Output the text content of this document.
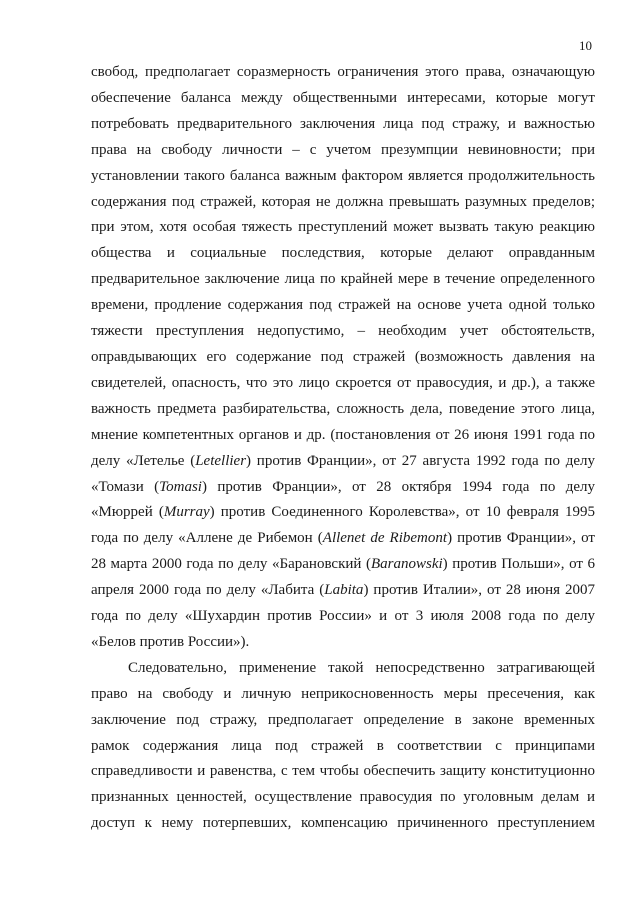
10
свобод, предполагает соразмерность ограничения этого права, означающую
обеспечение баланса между общественными интересами, которые могут
потребовать предварительного заключения лица под стражу, и важностью
права на свободу личности – с учетом презумпции невиновности; при
установлении такого баланса важным фактором является продолжительность
содержания под стражей, которая не должна превышать разумных пределов;
при этом, хотя особая тяжесть преступлений может вызвать такую реакцию
общества и социальные последствия, которые делают оправданным
предварительное заключение лица по крайней мере в течение определенного
времени, продление содержания под стражей на основе учета одной только
тяжести преступления недопустимо, – необходим учет обстоятельств,
оправдывающих его содержание под стражей (возможность давления на
свидетелей, опасность, что это лицо скроется от правосудия, и др.), а также
важность предмета разбирательства, сложность дела, поведение этого лица,
мнение компетентных органов и др. (постановления от 26 июня 1991 года по
делу «Летелье (Letellier) против Франции», от 27 августа 1992 года по делу
«Томази (Tomasi) против Франции», от 28 октября 1994 года по делу
«Мюррей (Murray) против Соединенного Королевства», от 10 февраля 1995
года по делу «Аллене де Рибемон (Allenet de Ribemont) против Франции», от
28 марта 2000 года по делу «Барановский (Baranowski) против Польши», от 6
апреля 2000 года по делу «Лабита (Labita) против Италии», от 28 июня 2007
года по делу «Шухардин против России» и от 3 июля 2008 года по делу
«Белов против России»).
Следовательно, применение такой непосредственно затрагивающей
право на свободу и личную неприкосновенность меры пресечения, как
заключение под стражу, предполагает определение в законе временных
рамок содержания лица под стражей в соответствии с принципами
справедливости и равенства, с тем чтобы обеспечить защиту конституционно
признанных ценностей, осуществление правосудия по уголовным делам и
доступ к нему потерпевших, компенсацию причиненного преступлением
